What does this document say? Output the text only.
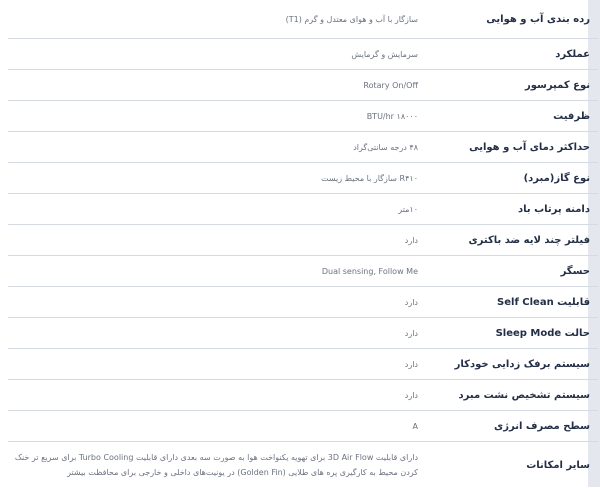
رده بندی آب و هوایی
سازگار با آب و هوای معتدل و گرم (T1)
عملکرد
سرمایش و گرمایش
نوع کمپرسور
Rotary On/Off
ظرفیت
BTU/hr ۱۸۰۰۰
حداکثر دمای آب و هوایی
۴۸ درجه سانتی‌گراد
نوع گاز(مبرد)
R۴۱۰ سازگار با محیط زیست
دامنه پرتاب باد
۱۰متر
فیلتر چند لایه ضد باکتری
دارد
حسگر
Dual sensing, Follow Me
قابلیت Self Clean
دارد
حالت Sleep Mode
دارد
سیستم برفک زدایی خودکار
دارد
سیستم تشخیص نشت مبرد
دارد
سطح مصرف انرژی
A
سایر امکانات
دارای قابلیت 3D Air Flow برای تهویه یکنواخت هوا به صورت سه بعدی دارای قابلیت Turbo Cooling برای سریع تر خنک کردن محیط به کارگیری پره های طلایی (Golden Fin) در یونیت‌های داخلی و خارجی برای محافظت بیشتر
